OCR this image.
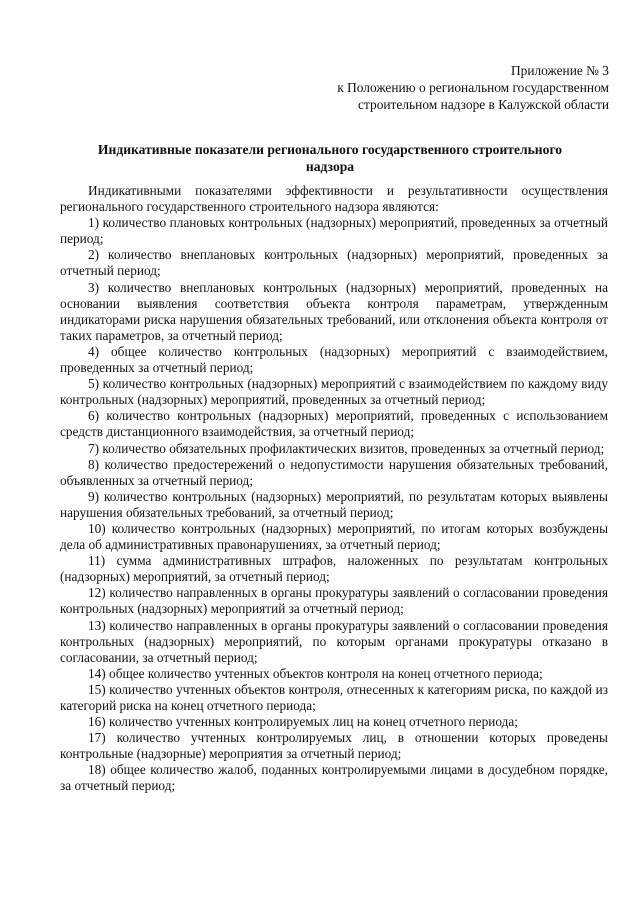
Приложение № 3
к Положению о региональном государственном
строительном надзоре в Калужской области
Индикативные показатели регионального государственного строительного
надзора

Индикативными показателями эффективности и результативности осуществления регионального государственного строительного надзора являются:

1) количество плановых контрольных (надзорных) мероприятий, проведенных за отчетный период;

2) количество внеплановых контрольных (надзорных) мероприятий, проведенных за отчетный период;

3) количество внеплановых контрольных (надзорных) мероприятий, проведенных на основании выявления соответствия объекта контроля параметрам, утвержденным индикаторами риска нарушения обязательных требований, или отклонения объекта контроля от таких параметров, за отчетный период;

4) общее количество контрольных (надзорных) мероприятий с взаимодействием, проведенных за отчетный период;

5) количество контрольных (надзорных) мероприятий с взаимодействием по каждому виду контрольных (надзорных) мероприятий, проведенных за отчетный период;

6) количество контрольных (надзорных) мероприятий, проведенных с использованием средств дистанционного взаимодействия, за отчетный период;

7) количество обязательных профилактических визитов, проведенных за отчетный период;

8) количество предостережений о недопустимости нарушения обязательных требований, объявленных за отчетный период;

9) количество контрольных (надзорных) мероприятий, по результатам которых выявлены нарушения обязательных требований, за отчетный период;

10) количество контрольных (надзорных) мероприятий, по итогам которых возбуждены дела об административных правонарушениях, за отчетный период;

11) сумма административных штрафов, наложенных по результатам контрольных (надзорных) мероприятий, за отчетный период;

12) количество направленных в органы прокуратуры заявлений о согласовании проведения контрольных (надзорных) мероприятий за отчетный период;

13) количество направленных в органы прокуратуры заявлений о согласовании проведения контрольных (надзорных) мероприятий, по которым органами прокуратуры отказано в согласовании, за отчетный период;

14) общее количество учтенных объектов контроля на конец отчетного периода;

15) количество учтенных объектов контроля, отнесенных к категориям риска, по каждой из категорий риска на конец отчетного периода;

16) количество учтенных контролируемых лиц на конец отчетного периода;

17) количество учтенных контролируемых лиц, в отношении которых проведены контрольные (надзорные) мероприятия за отчетный период;

18) общее количество жалоб, поданных контролируемыми лицами в досудебном порядке, за отчетный период;
